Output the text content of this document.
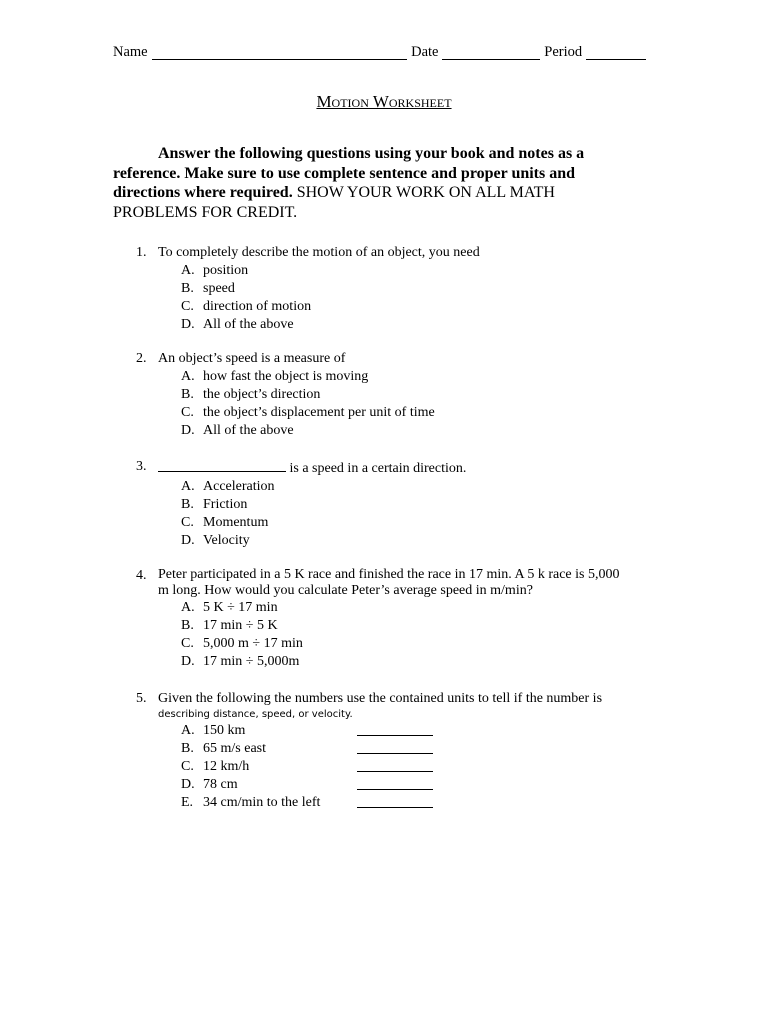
Name	Date	Period
Motion Worksheet
Answer the following questions using your book and notes as a reference. Make sure to use complete sentence and proper units and directions where required. SHOW YOUR WORK ON ALL MATH PROBLEMS FOR CREDIT.
1. To completely describe the motion of an object, you need
A. position
B. speed
C. direction of motion
D. All of the above
2. An object’s speed is a measure of
A. how fast the object is moving
B. the object’s direction
C. the object’s displacement per unit of time
D. All of the above
3.	is a speed in a certain direction.
A. Acceleration
B. Friction
C. Momentum
D. Velocity
4. Peter participated in a 5 K race and finished the race in 17 min. A 5 k race is 5,000 m long. How would you calculate Peter’s average speed in m/min?
A. 5 K ÷ 17 min
B. 17 min ÷ 5 K
C. 5,000 m ÷ 17 min
D. 17 min ÷ 5,000m
5. Given the following the numbers use the contained units to tell if the number is
describing distance, speed, or velocity.
A. 150 km
B. 65 m/s east
C. 12 km/h
D. 78 cm
E. 34 cm/min to the left
